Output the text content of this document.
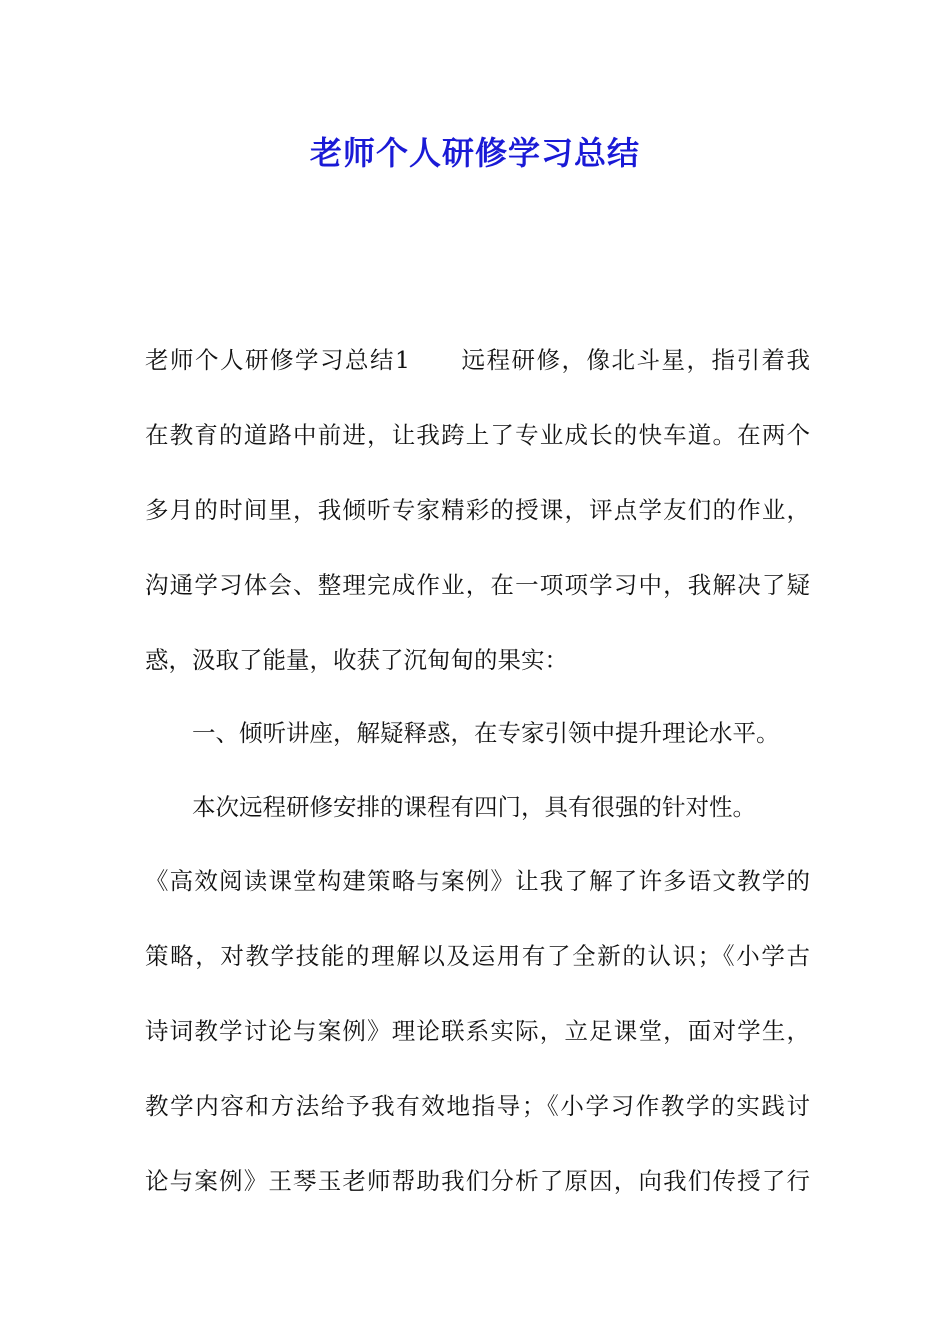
老师个人研修学习总结
老师个人研修学习总结1　　远程研修，像北斗星，指引着我
在教育的道路中前进，让我跨上了专业成长的快车道。在两个
多月的时间里，我倾听专家精彩的授课，评点学友们的作业，
沟通学习体会、整理完成作业，在一项项学习中，我解决了疑
惑，汲取了能量，收获了沉甸甸的果实：
一、倾听讲座，解疑释惑，在专家引领中提升理论水平。
本次远程研修安排的课程有四门，具有很强的针对性。
《高效阅读课堂构建策略与案例》让我了解了许多语文教学的
策略，对教学技能的理解以及运用有了全新的认识；《小学古
诗词教学讨论与案例》理论联系实际，立足课堂，面对学生，
教学内容和方法给予我有效地指导；《小学习作教学的实践讨
论与案例》王琴玉老师帮助我们分析了原因，向我们传授了行
